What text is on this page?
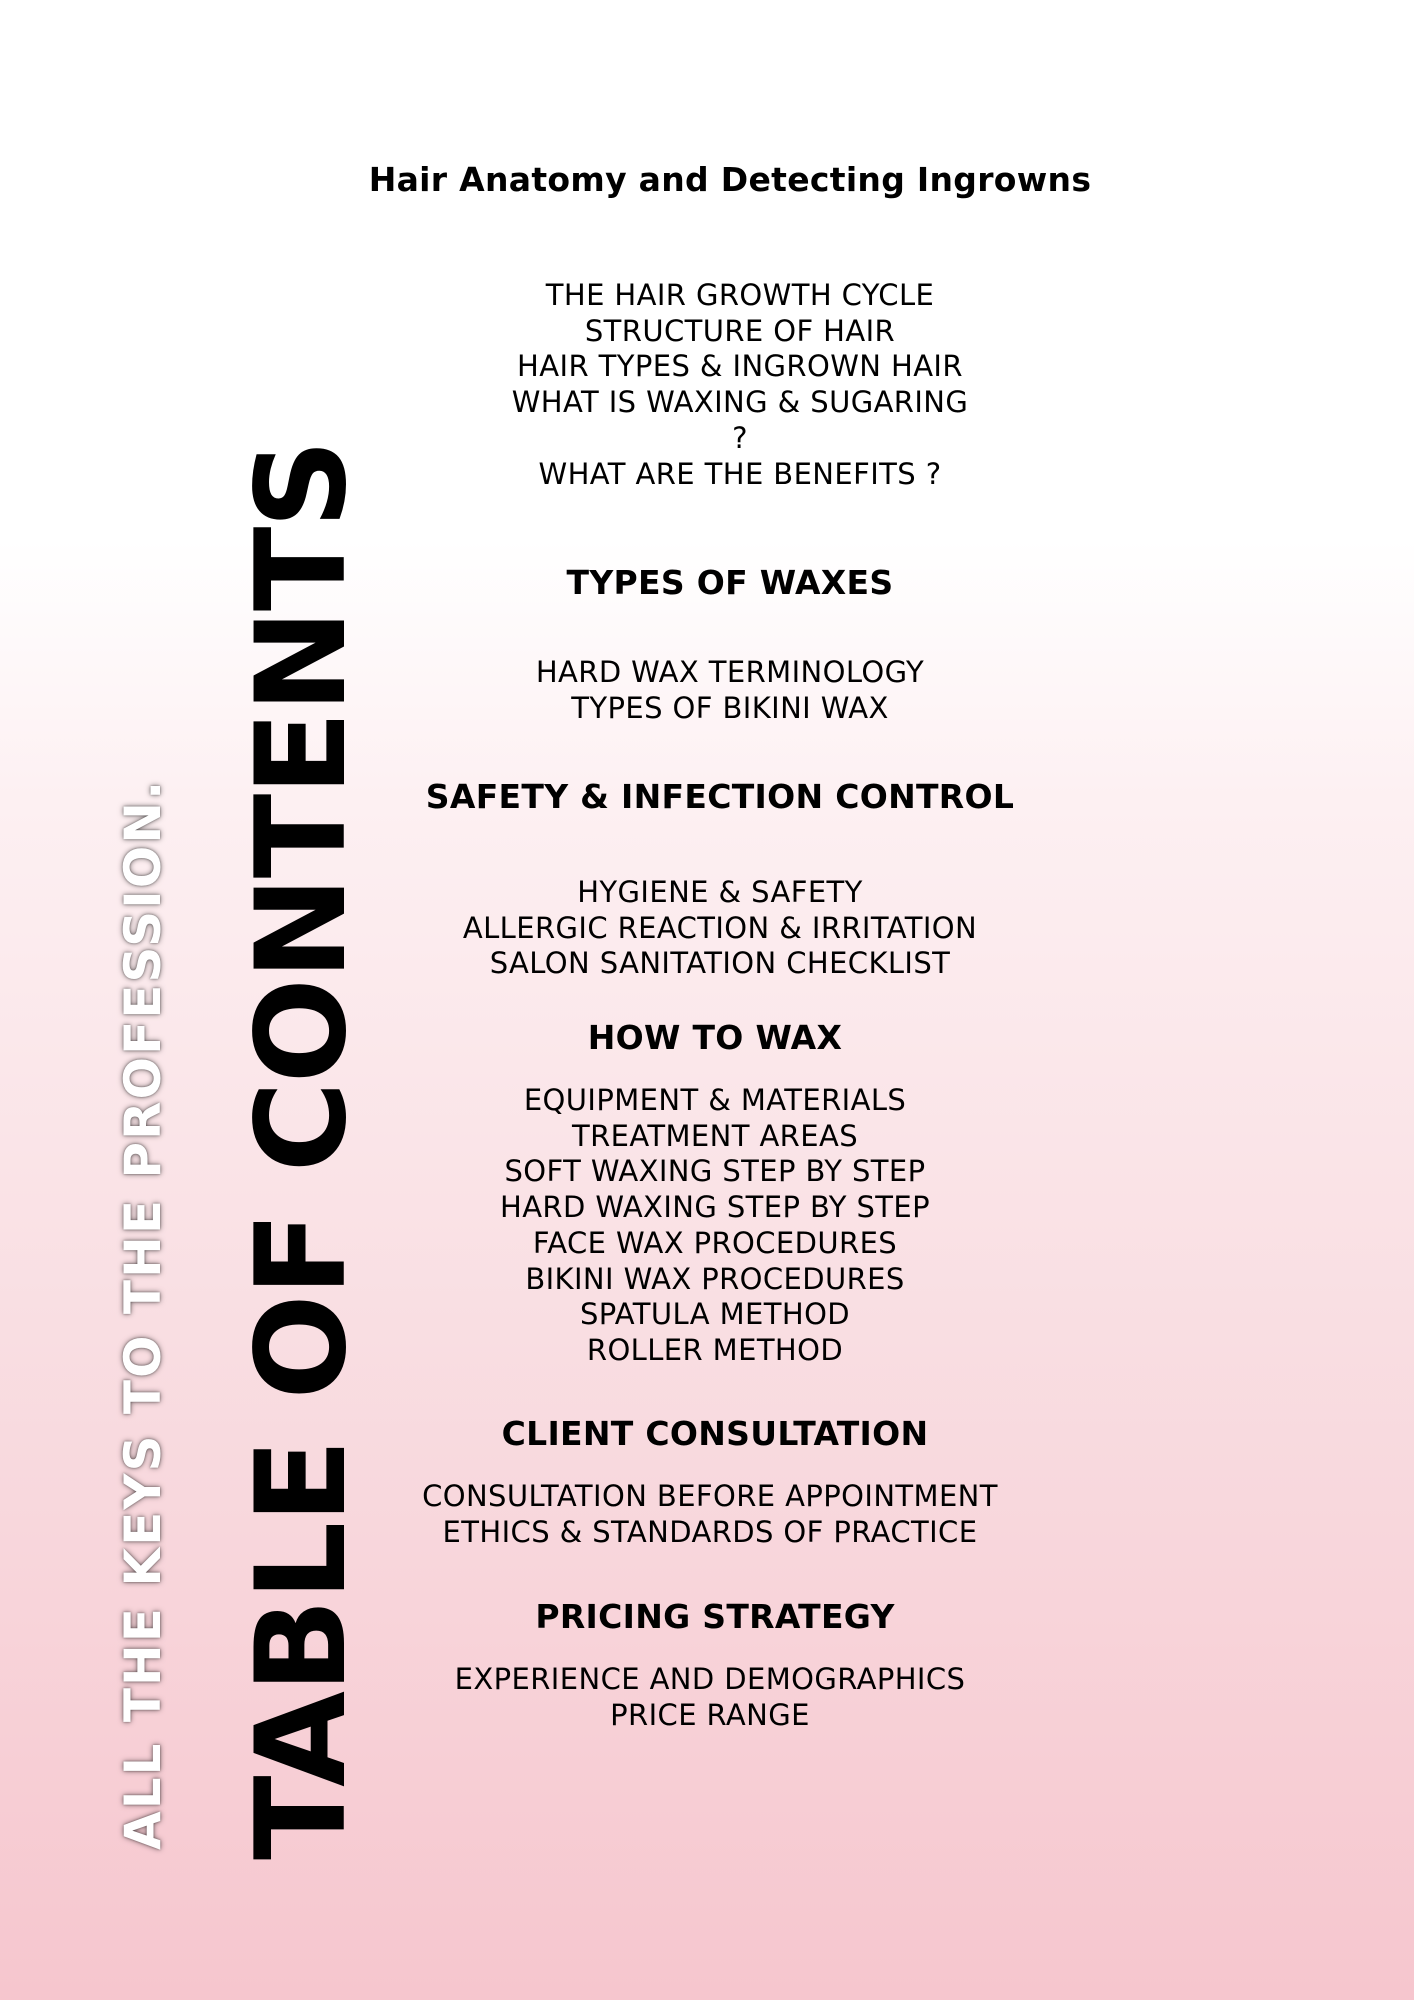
ALL THE KEYS TO THE PROFESSION. TABLE OF CONTENTS
Hair Anatomy and Detecting Ingrowns
THE HAIR GROWTH CYCLE
STRUCTURE OF HAIR
HAIR TYPES & INGROWN HAIR
WHAT IS WAXING & SUGARING
?
WHAT ARE THE BENEFITS ?
TYPES OF WAXES
HARD WAX TERMINOLOGY
TYPES OF BIKINI WAX
SAFETY & INFECTION CONTROL
HYGIENE & SAFETY
ALLERGIC REACTION & IRRITATION
SALON SANITATION CHECKLIST
HOW TO WAX
EQUIPMENT & MATERIALS
TREATMENT AREAS
SOFT WAXING STEP BY STEP
HARD WAXING STEP BY STEP
FACE WAX PROCEDURES
BIKINI WAX PROCEDURES
SPATULA METHOD
ROLLER METHOD
CLIENT CONSULTATION
CONSULTATION BEFORE APPOINTMENT
ETHICS & STANDARDS OF PRACTICE
PRICING STRATEGY
EXPERIENCE AND DEMOGRAPHICS
PRICE RANGE
